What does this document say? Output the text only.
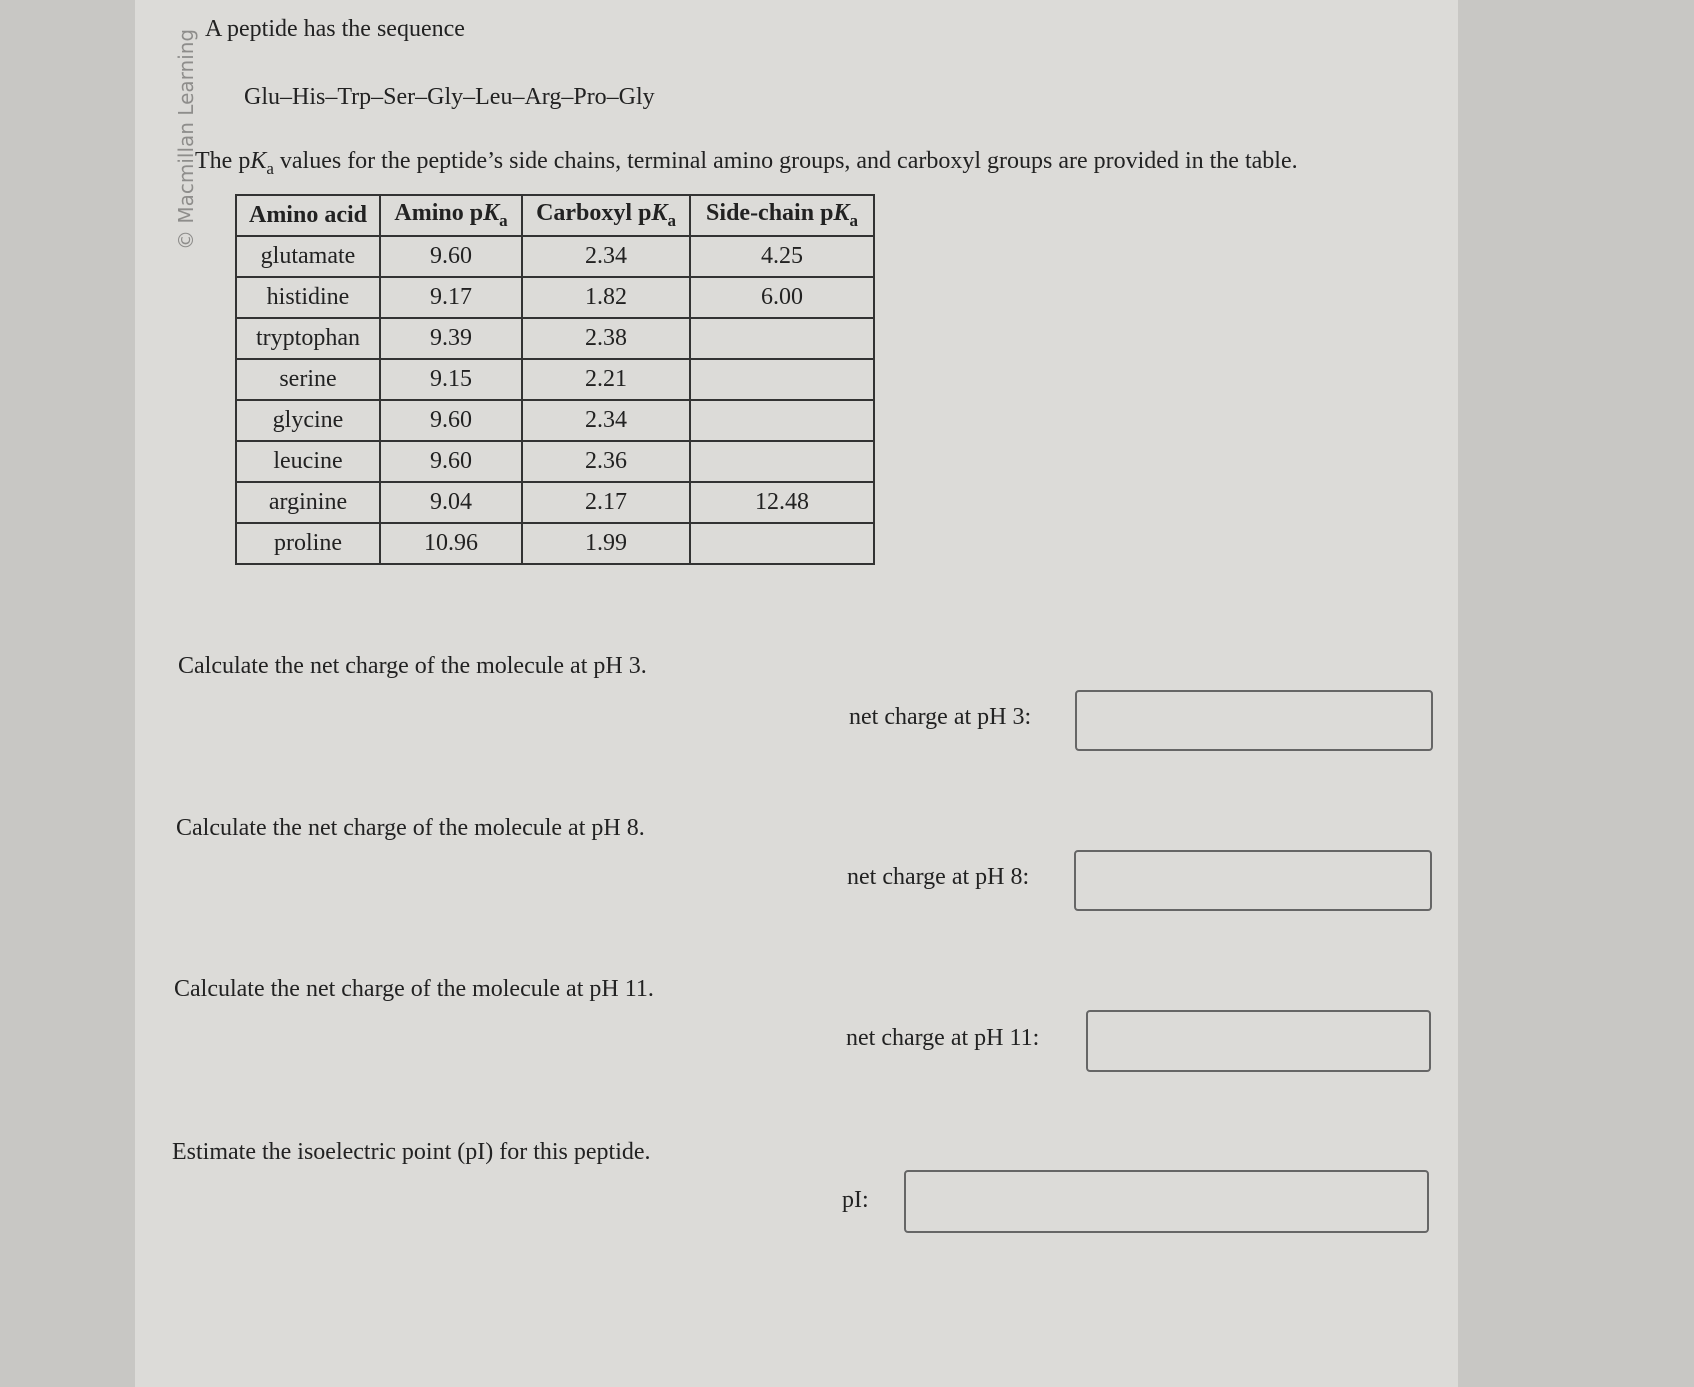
© Macmillan Learning A peptide has the sequence
Glu–His–Trp–Ser–Gly–Leu–Arg–Pro–Gly
The $pK_a$ values for the peptide’s side chains, terminal amino groups, and carboxyl groups are provided in the table.
Amino acid	Amino $pK_a$	Carboxyl $pK_a$	Side-chain $pK_a$
glutamate	9.60	2.34	4.25
histidine	9.17	1.82	6.00
tryptophan	9.39	2.38	
serine	9.15	2.21	
glycine	9.60	2.34	
leucine	9.60	2.36	
arginine	9.04	2.17	12.48
proline	10.96	1.99	
Calculate the net charge of the molecule at pH 3.
net charge at pH 3:
Calculate the net charge of the molecule at pH 8.
net charge at pH 8:
Calculate the net charge of the molecule at pH 11.
net charge at pH 11:
Estimate the isoelectric point (pI) for this peptide.
pI:
